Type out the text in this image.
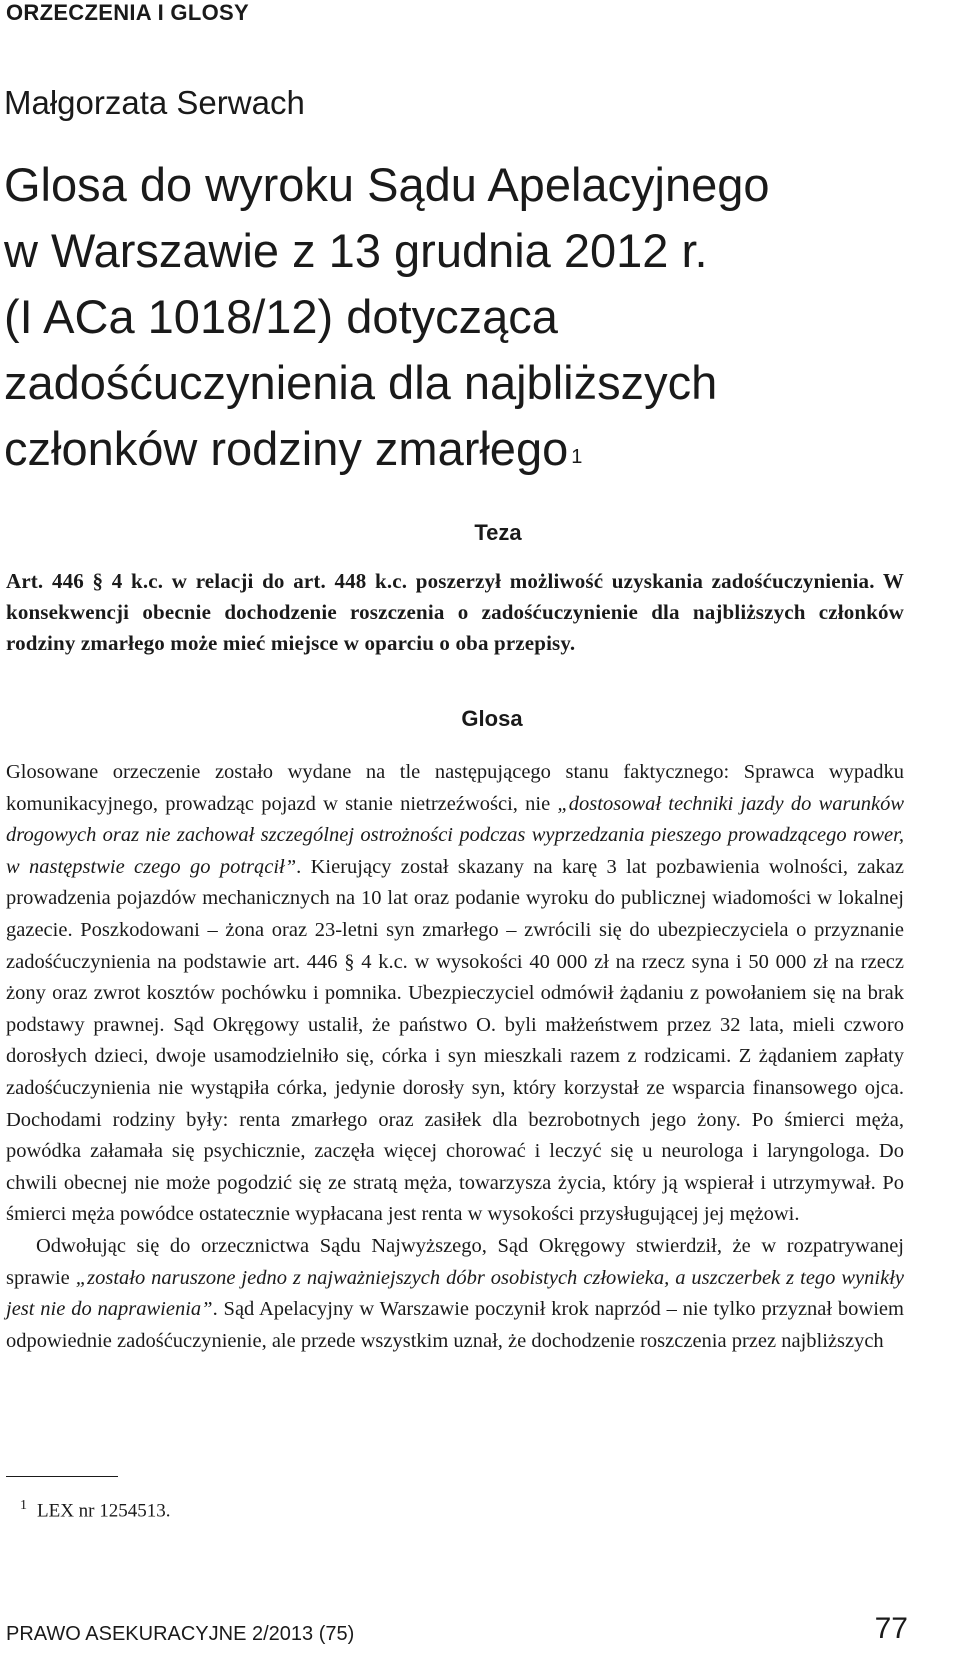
ORZECZENIA I GLOSY
Małgorzata Serwach
Glosa do wyroku Sądu Apelacyjnego
w Warszawie z 13 grudnia 2012 r.
(I ACa 1018/12) dotycząca
zadośćuczynienia dla najbliższych
członków rodziny zmarłego $^1$
Teza

Art. 446 § 4 k.c. w relacji do art. 448 k.c. poszerzył możliwość uzyskania zadośćuczynienia. W konsekwencji obecnie dochodzenie roszczenia o zadośćuczynienie dla najbliższych członków rodziny zmarłego może mieć miejsce w oparciu o oba przepisy.

Glosa

Glosowane orzeczenie zostało wydane na tle następującego stanu faktycznego: Sprawca wypadku komunikacyjnego, prowadząc pojazd w stanie nietrzeźwości, nie „dostosował techniki jazdy do warunków drogowych oraz nie zachował szczególnej ostrożności podczas wyprzedzania pieszego prowadzącego rower, w następstwie czego go potrącił”. Kierujący został skazany na karę 3 lat pozbawienia wolności, zakaz prowadzenia pojazdów mechanicznych na 10 lat oraz podanie wyroku do publicznej wiadomości w lokalnej gazecie. Poszkodowani – żona oraz 23-letni syn zmarłego – zwrócili się do ubezpieczyciela o przyznanie zadośćuczynienia na podstawie art. 446 § 4 k.c. w wysokości 40 000 zł na rzecz syna i 50 000 zł na rzecz żony oraz zwrot kosztów pochówku i pomnika. Ubezpieczyciel odmówił żądaniu z powołaniem się na brak podstawy prawnej. Sąd Okręgowy ustalił, że państwo O. byli małżeństwem przez 32 lata, mieli czworo dorosłych dzieci, dwoje usamodzielniło się, córka i syn mieszkali razem z rodzicami. Z żądaniem zapłaty zadośćuczynienia nie wystąpiła córka, jedynie dorosły syn, który korzystał ze wsparcia finansowego ojca. Dochodami rodziny były: renta zmarłego oraz zasiłek dla bezrobotnych jego żony. Po śmierci męża, powódka załamała się psychicznie, zaczęła więcej chorować i leczyć się u neurologa i laryngologa. Do chwili obecnej nie może pogodzić się ze stratą męża, towarzysza życia, który ją wspierał i utrzymywał. Po śmierci męża powódce ostatecznie wypłacana jest renta w wysokości przysługującej jej mężowi.

Odwołując się do orzecznictwa Sądu Najwyższego, Sąd Okręgowy stwierdził, że w rozpatrywanej sprawie „zostało naruszone jedno z najważniejszych dóbr osobistych człowieka, a uszczerbek z tego wynikły jest nie do naprawienia”. Sąd Apelacyjny w Warszawie poczynił krok naprzód – nie tylko przyznał bowiem odpowiednie zadośćuczynienie, ale przede wszystkim uznał, że dochodzenie roszczenia przez najbliższych

$^1$ LEX nr 1254513.
PRAWO ASEKURACYJNE 2/2013 (75)	77
